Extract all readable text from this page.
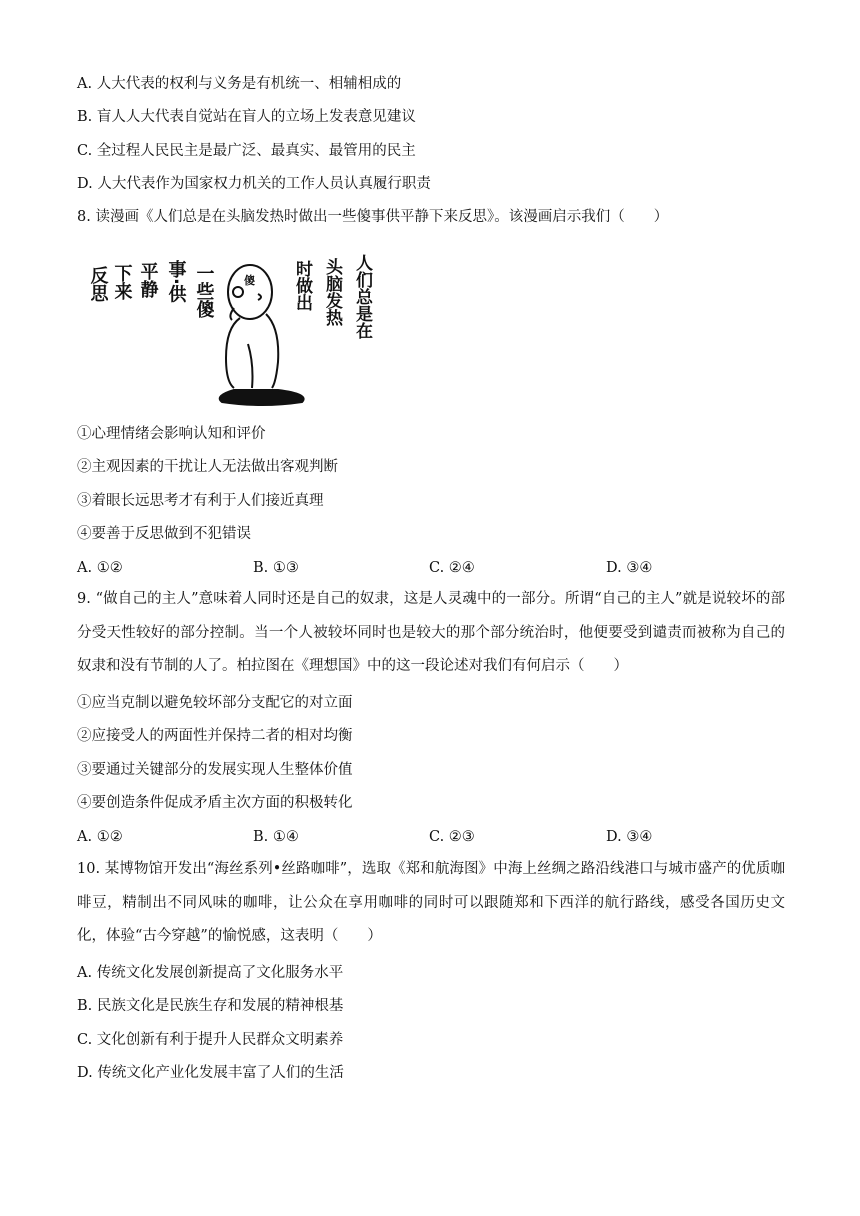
A. 人大代表的权利与义务是有机统一、相辅相成的
B. 盲人人大代表自觉站在盲人的立场上发表意见建议
C. 全过程人民民主是最广泛、最真实、最管用的民主
D. 人大代表作为国家权力机关的工作人员认真履行职责
8. 读漫画《人们总是在头脑发热时做出一些傻事供平静下来反思》。该漫画启示我们（　　）
一些傻
事·供
平静
下来
反思	傻	人们总是在
头脑发热
时做出
①心理情绪会影响认知和评价
②主观因素的干扰让人无法做出客观判断
③着眼长远思考才有利于人们接近真理
④要善于反思做到不犯错误
A. ①②	B. ①③	C. ②④	D. ③④
9. “做自己的主人”意味着人同时还是自己的奴隶，这是人灵魂中的一部分。所谓“自己的主人”就是说较坏的部分受天性较好的部分控制。当一个人被较坏同时也是较大的那个部分统治时，他便要受到谴责而被称为自己的奴隶和没有节制的人了。柏拉图在《理想国》中的这一段论述对我们有何启示（　　）
①应当克制以避免较坏部分支配它的对立面
②应接受人的两面性并保持二者的相对均衡
③要通过关键部分的发展实现人生整体价值
④要创造条件促成矛盾主次方面的积极转化
A. ①②	B. ①④	C. ②③	D. ③④
10. 某博物馆开发出“海丝系列•丝路咖啡”，选取《郑和航海图》中海上丝绸之路沿线港口与城市盛产的优质咖啡豆，精制出不同风味的咖啡，让公众在享用咖啡的同时可以跟随郑和下西洋的航行路线，感受各国历史文化，体验“古今穿越”的愉悦感，这表明（　　）
A. 传统文化发展创新提高了文化服务水平
B. 民族文化是民族生存和发展的精神根基
C. 文化创新有利于提升人民群众文明素养
D. 传统文化产业化发展丰富了人们的生活
